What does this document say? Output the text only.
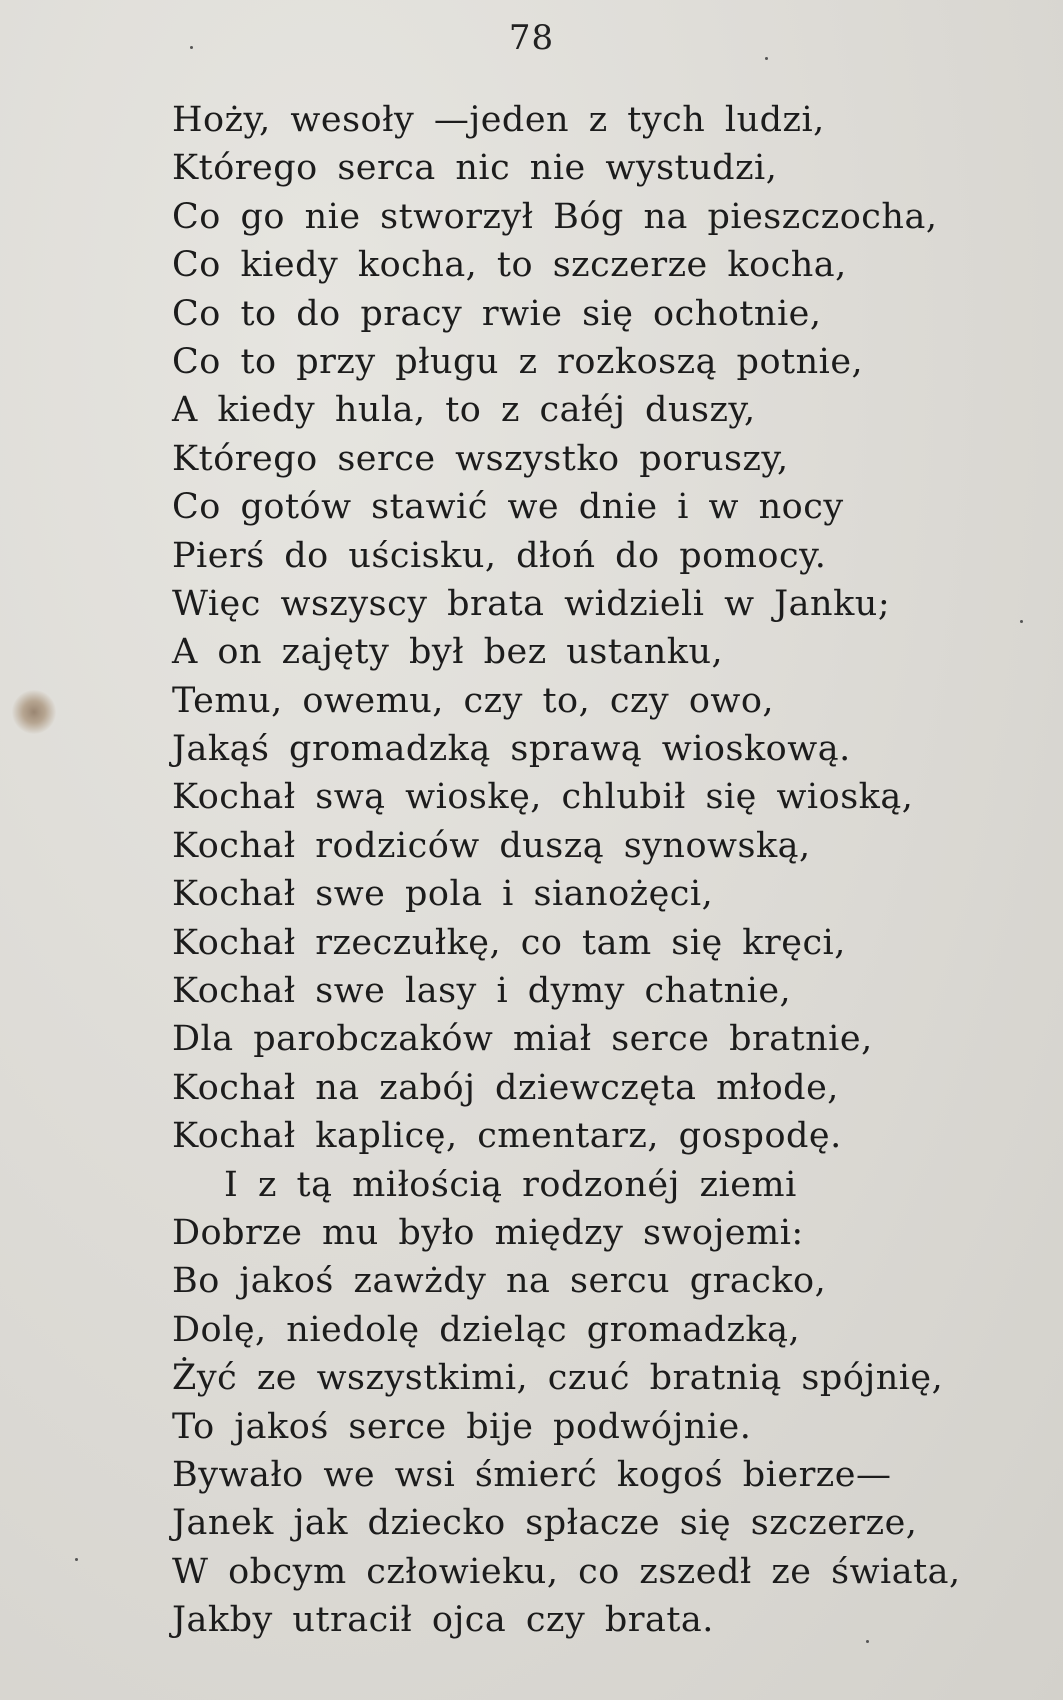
78
Hoży, wesoły —jeden z tych ludzi,
Którego serca nic nie wystudzi,
Co go nie stworzył Bóg na pieszczocha,
Co kiedy kocha, to szczerze kocha,
Co to do pracy rwie się ochotnie,
Co to przy pługu z rozkoszą potnie,
A kiedy hula, to z całéj duszy,
Którego serce wszystko poruszy,
Co gotów stawić we dnie i w nocy
Pierś do uścisku, dłoń do pomocy.
Więc wszyscy brata widzieli w Janku;
A on zajęty był bez ustanku,
Temu, owemu, czy to, czy owo,
Jakąś gromadzką sprawą wioskową.
Kochał swą wioskę, chlubił się wioską,
Kochał rodziców duszą synowską,
Kochał swe pola i sianożęci,
Kochał rzeczułkę, co tam się kręci,
Kochał swe lasy i dymy chatnie,
Dla parobczaków miał serce bratnie,
Kochał na zabój dziewczęta młode,
Kochał kaplicę, cmentarz, gospodę.
I z tą miłością rodzonéj ziemi
Dobrze mu było między swojemi:
Bo jakoś zawżdy na sercu gracko,
Dolę, niedolę dzieląc gromadzką,
Żyć ze wszystkimi, czuć bratnią spójnię,
To jakoś serce bije podwójnie.
Bywało we wsi śmierć kogoś bierze—
Janek jak dziecko spłacze się szczerze,
W obcym człowieku, co zszedł ze świata,
Jakby utracił ojca czy brata.
